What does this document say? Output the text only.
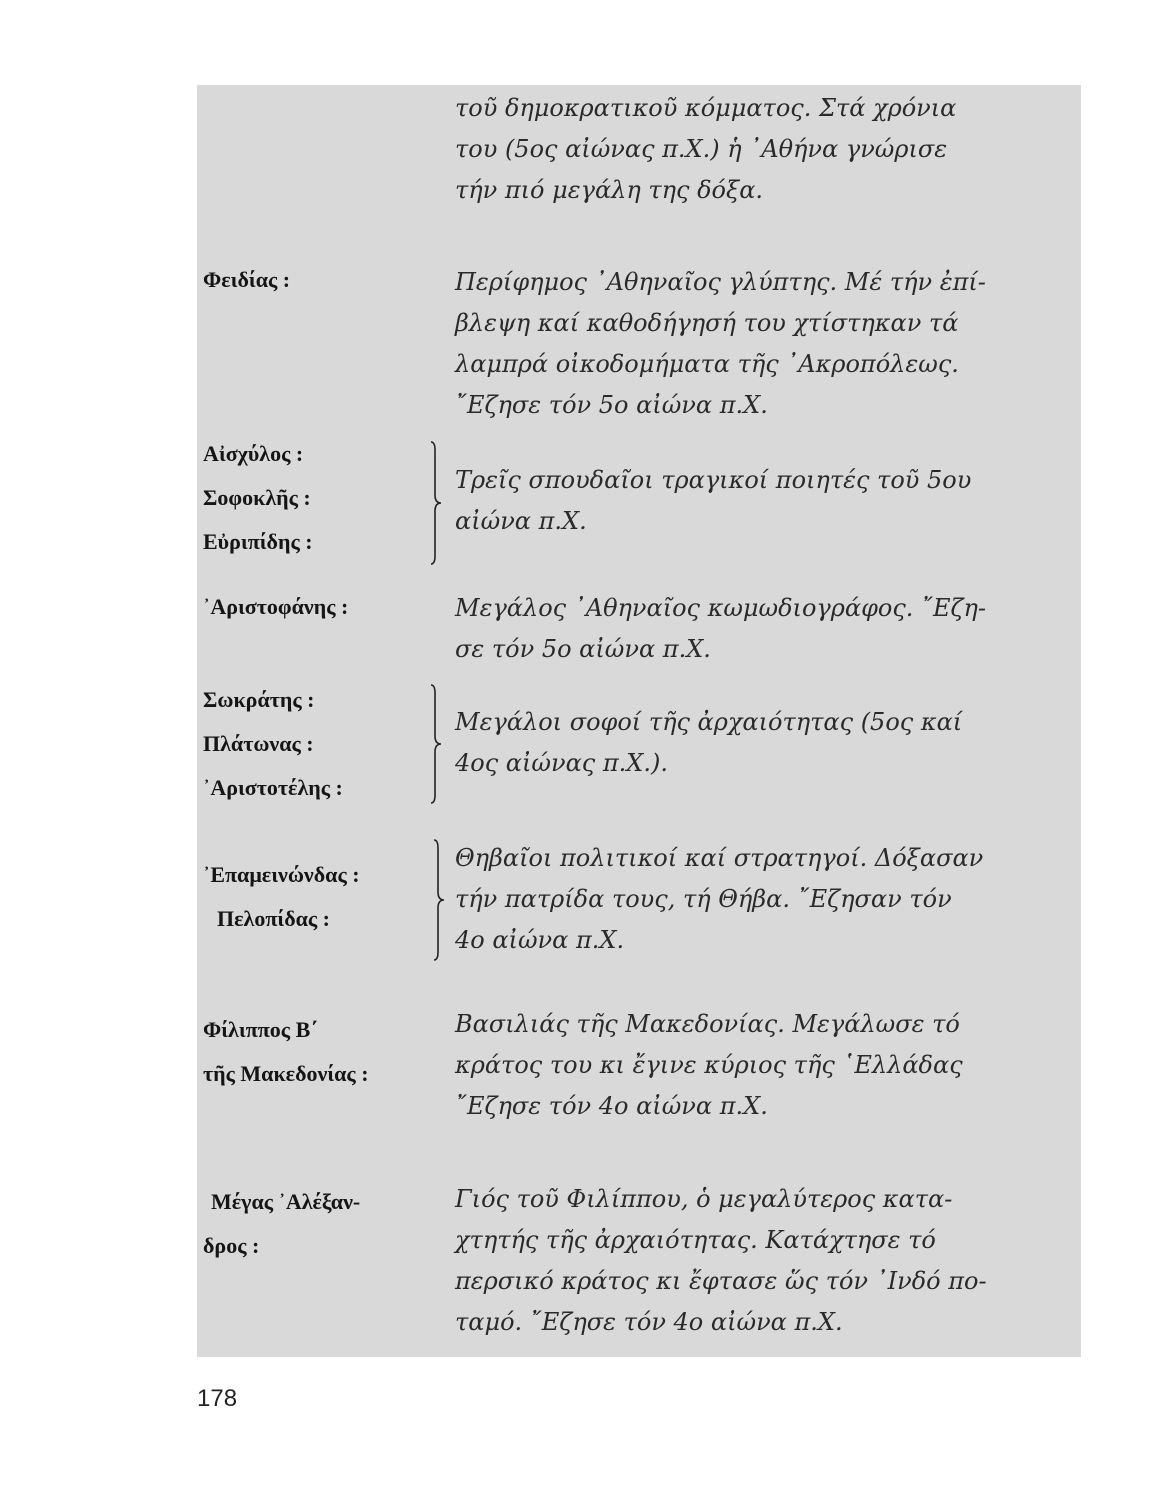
τοῦ δημοκρατικοῦ κόμματος. Στά χρόνια
του (5ος αἰώνας π.Χ.) ἡ ᾿Αθήνα γνώρισε
τήν πιό μεγάλη της δόξα.
Φειδίας :	Περίφημος ᾿Αθηναῖος γλύπτης. Μέ τήν ἐπί-
βλεψη καί καθοδήγησή του χτίστηκαν τά
λαμπρά οἰκοδομήματα τῆς ᾿Ακροπόλεως.
῎Εζησε τόν 5ο αἰώνα π.Χ.
Αἰσχύλος :
Σοφοκλῆς :
Εὐριπίδης :
Τρεῖς σπουδαῖοι τραγικοί ποιητές τοῦ 5ου
αἰώνα π.Χ.
᾿Αριστοφάνης :	Μεγάλος ᾿Αθηναῖος κωμωδιογράφος. ῎Εζη-
σε τόν 5ο αἰώνα π.Χ.
Σωκράτης :
Πλάτωνας :
᾿Αριστοτέλης :
Μεγάλοι σοφοί τῆς ἀρχαιότητας (5ος καί
4ος αἰώνας π.Χ.).
᾿Επαμεινώνδας :
Πελοπίδας :
Θηβαῖοι πολιτικοί καί στρατηγοί. Δόξασαν
τήν πατρίδα τους, τή Θήβα. ῎Εζησαν τόν
4ο αἰώνα π.Χ.
Φίλιππος Β΄
τῆς Μακεδονίας :
Βασιλιάς τῆς Μακεδονίας. Μεγάλωσε τό
κράτος του κι ἔγινε κύριος τῆς ῾Ελλάδας
῎Εζησε τόν 4ο αἰώνα π.Χ.
Μέγας ᾿Αλέξαν-
δρος :
Γιός τοῦ Φιλίππου, ὁ μεγαλύτερος κατα-
χτητής τῆς ἀρχαιότητας. Κατάχτησε τό
περσικό κράτος κι ἔφτασε ὥς τόν ᾿Ινδό πο-
ταμό. ῎Εζησε τόν 4ο αἰώνα π.Χ.
178
